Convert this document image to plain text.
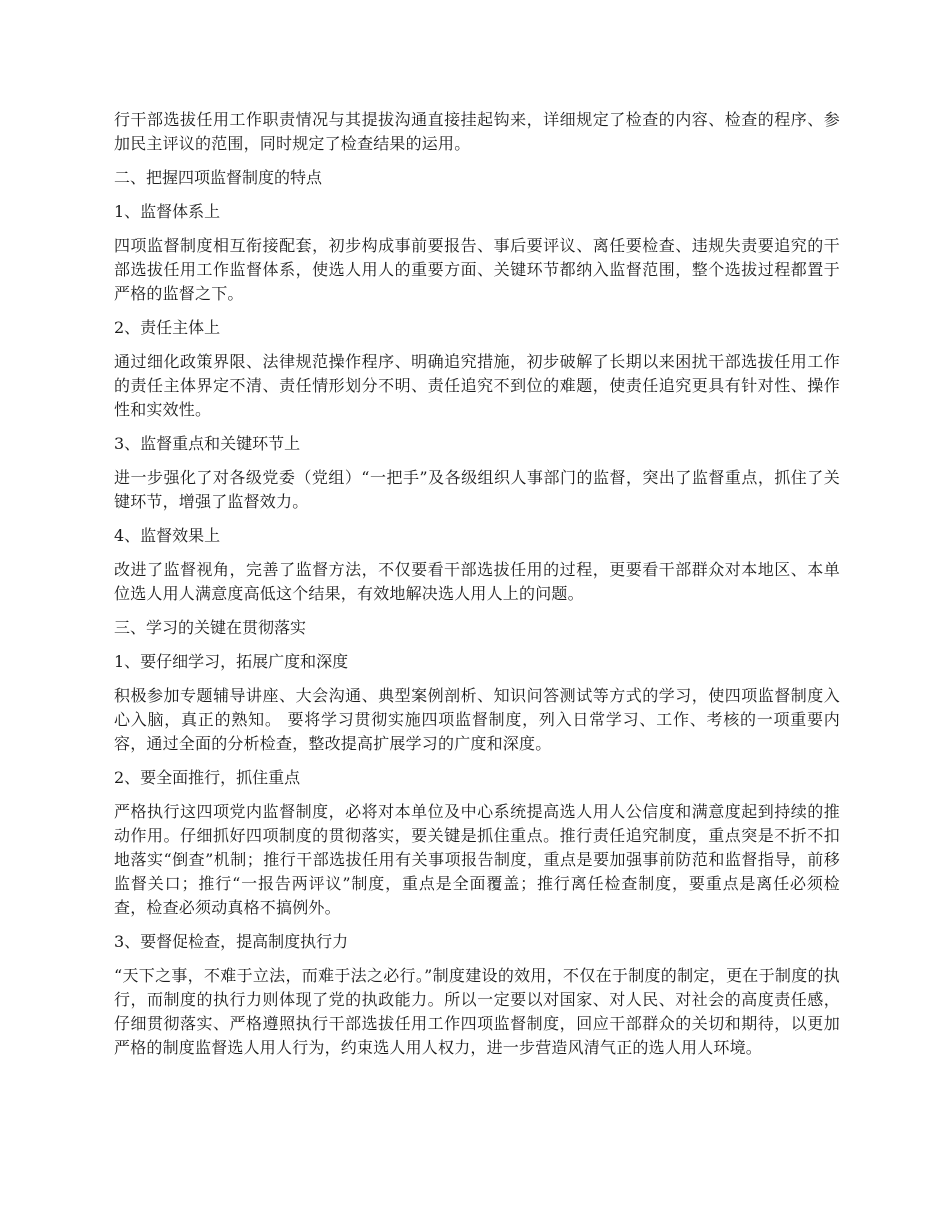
行干部选拔任用工作职责情况与其提拔沟通直接挂起钩来，详细规定了检查的内容、检查的程序、参加民主评议的范围，同时规定了检查结果的运用。

二、把握四项监督制度的特点

1、监督体系上

四项监督制度相互衔接配套，初步构成事前要报告、事后要评议、离任要检查、违规失责要追究的干部选拔任用工作监督体系，使选人用人的重要方面、关键环节都纳入监督范围，整个选拔过程都置于严格的监督之下。

2、责任主体上

通过细化政策界限、法律规范操作程序、明确追究措施，初步破解了长期以来困扰干部选拔任用工作的责任主体界定不清、责任情形划分不明、责任追究不到位的难题，使责任追究更具有针对性、操作性和实效性。

3、监督重点和关键环节上

进一步强化了对各级党委（党组）“一把手”及各级组织人事部门的监督，突出了监督重点，抓住了关键环节，增强了监督效力。

4、监督效果上

改进了监督视角，完善了监督方法，不仅要看干部选拔任用的过程，更要看干部群众对本地区、本单位选人用人满意度高低这个结果，有效地解决选人用人上的问题。

三、学习的关键在贯彻落实

1、要仔细学习，拓展广度和深度

积极参加专题辅导讲座、大会沟通、典型案例剖析、知识问答测试等方式的学习，使四项监督制度入心入脑，真正的熟知。 要将学习贯彻实施四项监督制度，列入日常学习、工作、考核的一项重要内容，通过全面的分析检查，整改提高扩展学习的广度和深度。

2、要全面推行，抓住重点

严格执行这四项党内监督制度，必将对本单位及中心系统提高选人用人公信度和满意度起到持续的推动作用。仔细抓好四项制度的贯彻落实，要关键是抓住重点。推行责任追究制度，重点突是不折不扣地落实“倒查”机制；推行干部选拔任用有关事项报告制度，重点是要加强事前防范和监督指导，前移监督关口；推行“一报告两评议”制度，重点是全面覆盖；推行离任检查制度，要重点是离任必须检查，检查必须动真格不搞例外。

3、要督促检查，提高制度执行力

“天下之事，不难于立法，而难于法之必行。”制度建设的效用，不仅在于制度的制定，更在于制度的执行，而制度的执行力则体现了党的执政能力。所以一定要以对国家、对人民、对社会的高度责任感，仔细贯彻落实、严格遵照执行干部选拔任用工作四项监督制度，回应干部群众的关切和期待，以更加严格的制度监督选人用人行为，约束选人用人权力，进一步营造风清气正的选人用人环境。
